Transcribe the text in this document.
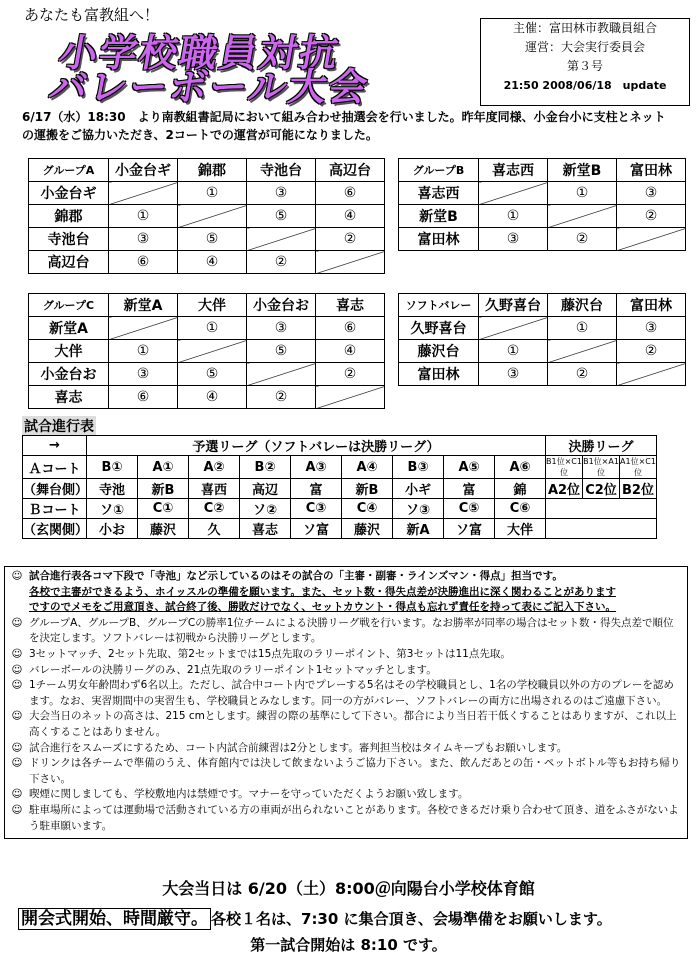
あなたも富教組へ！
小学校職員対抗
バレーボール大会
主催：富田林市教職員組合
運営：大会実行委員会
第３号
21:50 2008/06/18　update
6/17（水）18:30　より南教組書記局において組み合わせ抽選会を行いました。昨年度同様、小金台小に支柱とネット
の運搬をご協力いただき、2コートでの運営が可能になりました。
グループA	小金台ギ	錦郡	寺池台	高辺台
小金台ギ		①	③	⑥
錦郡	①		⑤	④
寺池台	③	⑤		②
高辺台	⑥	④	②	
グループB	喜志西	新堂B	富田林
喜志西		①	③
新堂B	①		②
富田林	③	②	
グループC	新堂A	大伴	小金台お	喜志
新堂A		①	③	⑥
大伴	①		⑤	④
小金台お	③	⑤		②
喜志	⑥	④	②	
ソフトバレー	久野喜台	藤沢台	富田林
久野喜台		①	③
藤沢台	①		②
富田林	③	②	
試合進行表
→	予選リーグ（ソフトバレーは決勝リーグ）									決勝リーグ		
Ａコート	B①	A①	A②	B②	A③	A④	B③	A⑤	A⑥	B1位×C1位	B1位×A1位	A1位×C1位
（舞台側）	寺池	新B	喜西	高辺	富	新B	小ギ	富	錦	A2位	C2位	B2位
Ｂコート	ソ①	C①	C②	ソ②	C③	C④	ソ③	C⑤	C⑥			
（玄関側）	小お	藤沢	久	喜志	ソ富	藤沢	新A	ソ富	大伴			
☺ 試合進行表各コマ下段で「寺池」など示しているのはその試合の「主審・副審・ラインズマン・得点」担当です。
各校で主審ができるよう、ホイッスルの準備を願います。また、セット数・得失点差が決勝進出に深く関わることがあります
ですのでメモをご用意頂き、試合終了後、勝敗だけでなく、セットカウント・得点も忘れず責任を持って表にご記入下さい。
☺ グループA、グループB、グループCの勝率1位チームによる決勝リーグ戦を行います。なお勝率が同率の場合はセット数・得失点差で順位を決定します。ソフトバレーは初戦から決勝リーグとします。
☺ 3セットマッチ、2セット先取、第2セットまでは15点先取のラリーポイント、第3セットは11点先取。
☺ バレーボールの決勝リーグのみ、21点先取のラリーポイント1セットマッチとします。
☺ 1チーム男女年齢問わず6名以上。ただし、試合中コート内でプレーする5名はその学校職員とし、1名の学校職員以外の方のプレーを認めます。なお、実習期間中の実習生も、学校職員とみなします。同一の方がバレー、ソフトバレーの両方に出場されるのはご遠慮下さい。
☺ 大会当日のネットの高さは、215 cmとします。練習の際の基準にして下さい。都合により当日若干低くすることはありますが、これ以上高くすることはありません。
☺ 試合進行をスムーズにするため、コート内試合前練習は2分とします。審判担当校はタイムキープもお願いします。
☺ ドリンクは各チームで準備のうえ、体育館内では決して飲まないようご協力下さい。また、飲んだあとの缶・ペットボトル等もお持ち帰り下さい。
☺ 喫煙に関しましても、学校敷地内は禁煙です。マナーを守っていただくようお願い致します。
☺ 駐車場所によっては運動場で活動されている方の車両が出られないことがあります。各校できるだけ乗り合わせて頂き、道をふさがないよう駐車願います。
大会当日は 6/20（土）8:00＠向陽台小学校体育館
開会式開始、時間厳守。 各校１名は、7:30 に集合頂き、会場準備をお願いします。
第一試合開始は 8:10 です。
